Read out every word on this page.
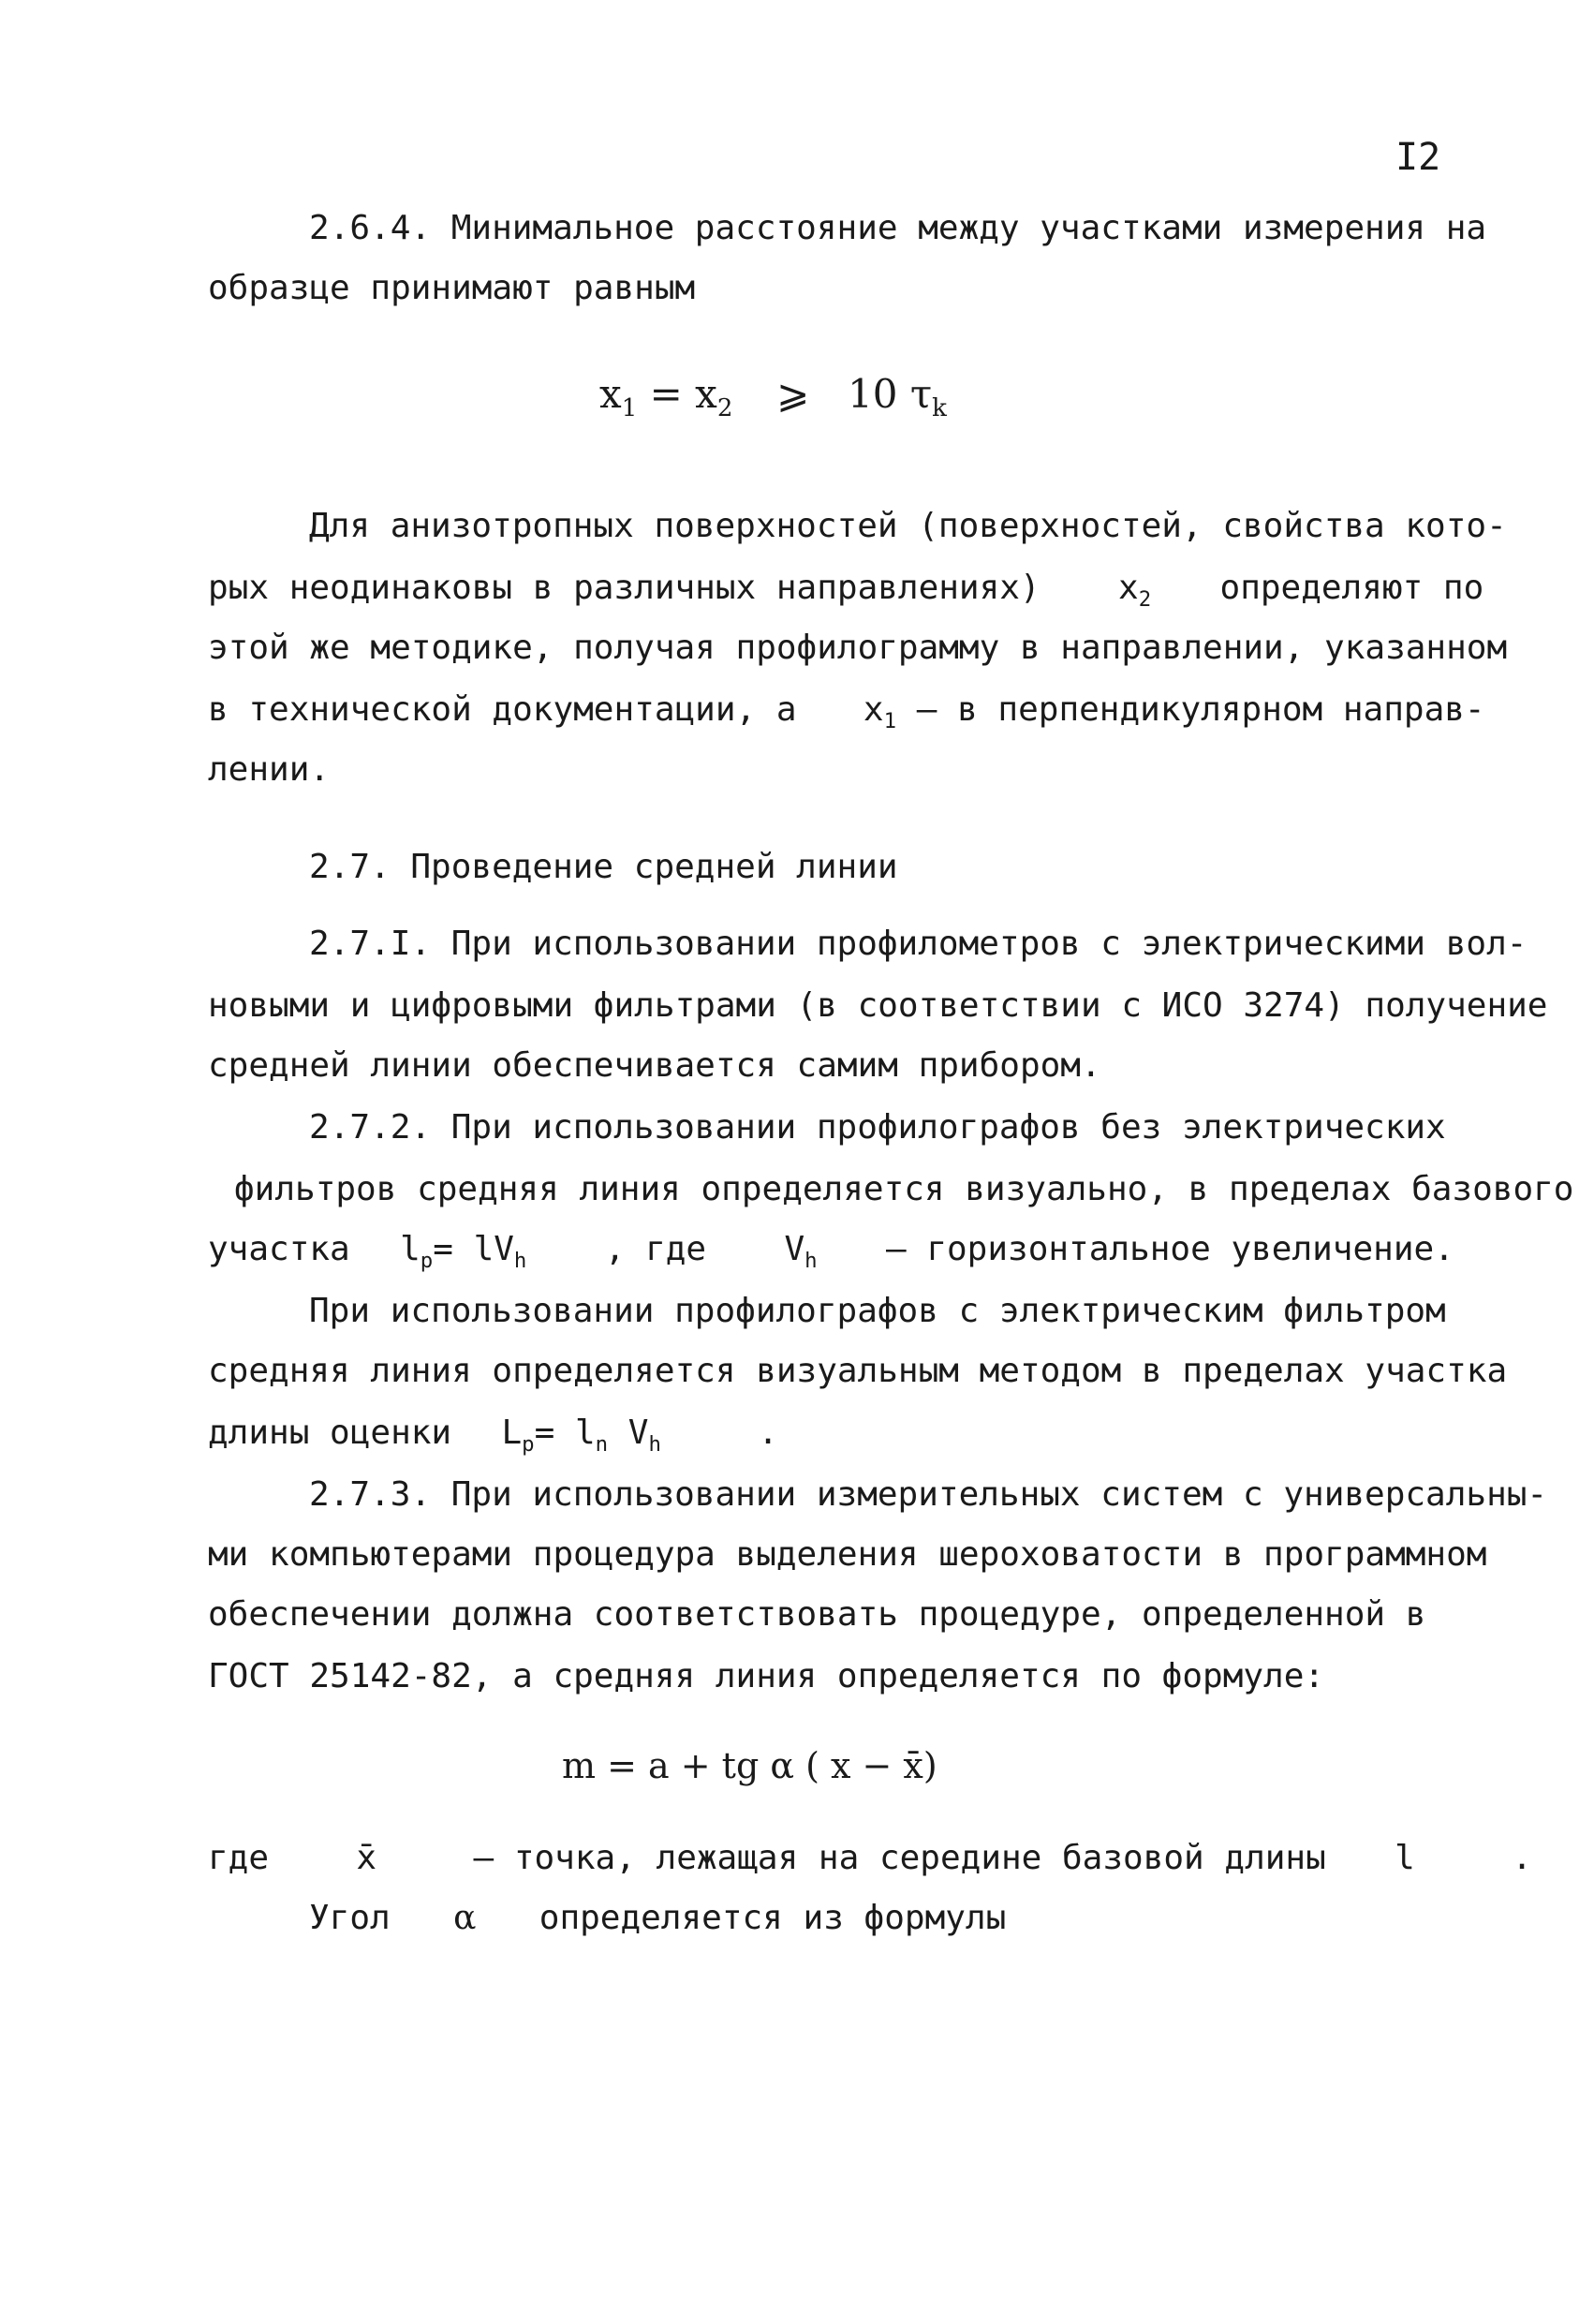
I2
2.6.4. Минимальное расстояние между участками измерения на
образце принимают равным
$x_1 = x_2$ ⩾ 10 $\tau_k$
Для анизотропных поверхностей (поверхностей, свойства кото-
рых неодинаковы в различных направлениях) $x_2$ определяют по
этой же методике, получая профилограмму в направлении, указанном
в технической документации, а $x_1$ — в перпендикулярном направ-
лении.
2.7. Проведение средней линии
2.7.I. При использовании профилометров с электрическими вол-
новыми и цифровыми фильтрами (в соответствии с ИСО 3274) получение
средней линии обеспечивается самим прибором.
2.7.2. При использовании профилографов без электрических
фильтров средняя линия определяется визуально, в пределах базового
участка $l_p= lV_h$ , где $V_h$ — горизонтальное увеличение.
При использовании профилографов с электрическим фильтром
средняя линия определяется визуальным методом в пределах участка
длины оценки $L_p= l_n$ $V_h$	.
2.7.3. При использовании измерительных систем с универсальны-
ми компьютерами процедура выделения шероховатости в программном
обеспечении должна соответствовать процедуре, определенной в
ГОСТ 25142-82, а средняя линия определяется по формуле:
m = a + tg α ( x − x̄)
где	x̄	— точка, лежащая на середине базовой длины l	.
Угол α определяется из формулы
